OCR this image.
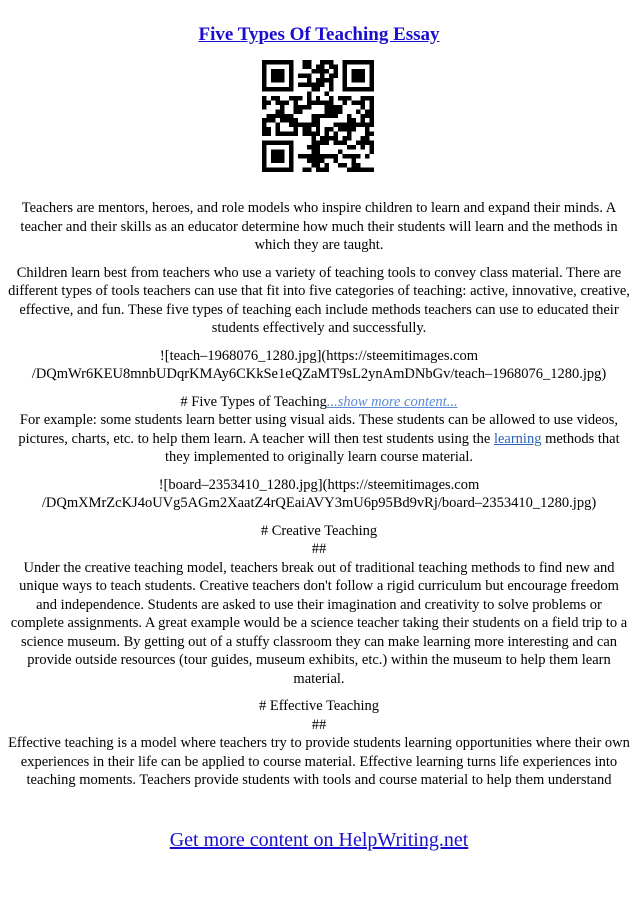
Five Types Of Teaching Essay

Teachers are mentors, heroes, and role models who inspire children to learn and expand their minds. A teacher and their skills as an educator determine how much their students will learn and the methods in which they are taught.

Children learn best from teachers who use a variety of teaching tools to convey class material. There are different types of tools teachers can use that fit into five categories of teaching: active, innovative, creative, effective, and fun. These five types of teaching each include methods teachers can use to educated their students effectively and successfully.

![teach–1968076_1280.jpg](https://steemitimages.com /DQmWr6KEU8mnbUDqrKMAy6CKkSe1eQZaMT9sL2ynAmDNbGv/teach–1968076_1280.jpg)

# Five Types of Teaching...show more content...

For example: some students learn better using visual aids. These students can be allowed to use videos, pictures, charts, etc. to help them learn. A teacher will then test students using the learning methods that they implemented to originally learn course material.

![board–2353410_1280.jpg](https://steemitimages.com /DQmXMrZcKJ4oUVg5AGm2XaatZ4rQEaiAVY3mU6p95Bd9vRj/board–2353410_1280.jpg)

# Creative Teaching

##

Under the creative teaching model, teachers break out of traditional teaching methods to find new and unique ways to teach students. Creative teachers don't follow a rigid curriculum but encourage freedom and independence. Students are asked to use their imagination and creativity to solve problems or complete assignments. A great example would be a science teacher taking their students on a field trip to a science museum. By getting out of a stuffy classroom they can make learning more interesting and can provide outside resources (tour guides, museum exhibits, etc.) within the museum to help them learn material.

# Effective Teaching

##

Effective teaching is a model where teachers try to provide students learning opportunities where their own experiences in their life can be applied to course material. Effective learning turns life experiences into teaching moments. Teachers provide students with tools and course material to help them understand

Get more content on HelpWriting.net
